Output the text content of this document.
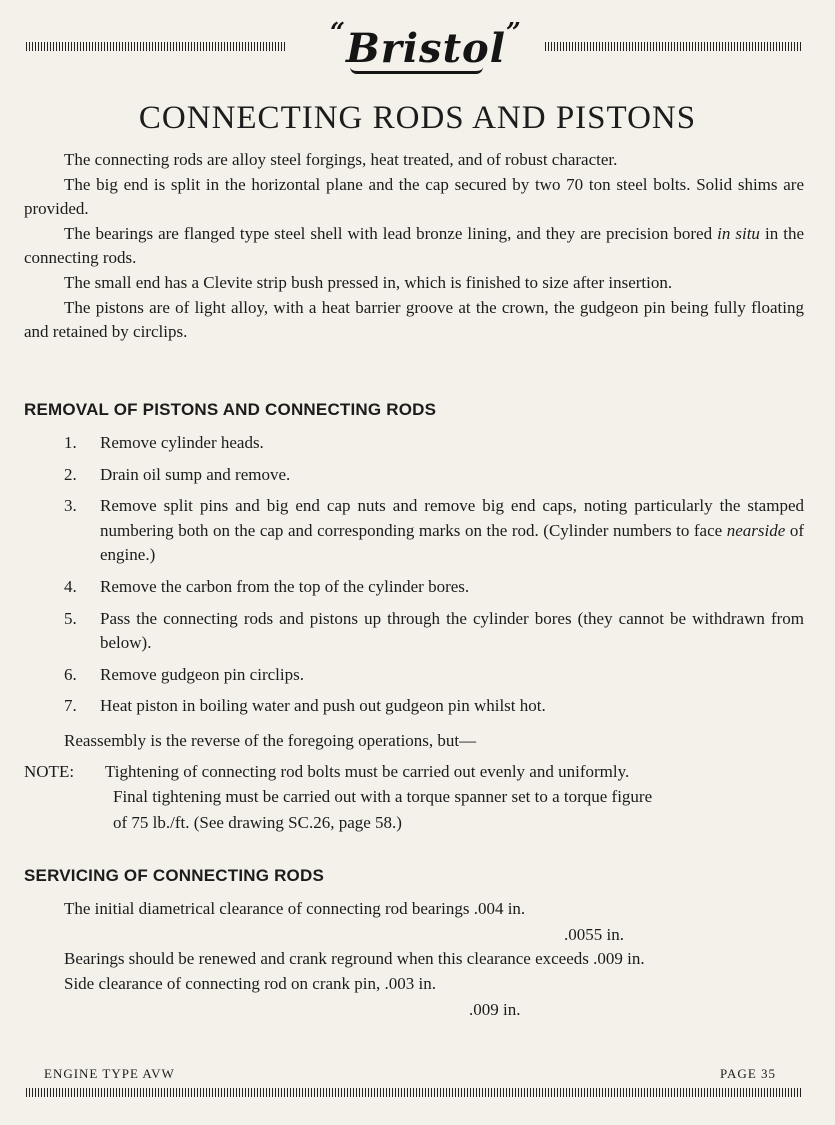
“Bristol”
CONNECTING RODS AND PISTONS

The connecting rods are alloy steel forgings, heat treated, and of robust character.

The big end is split in the horizontal plane and the cap secured by two 70 ton steel bolts. Solid shims are provided.

The bearings are flanged type steel shell with lead bronze lining, and they are precision bored in situ in the connecting rods.

The small end has a Clevite strip bush pressed in, which is finished to size after insertion.

The pistons are of light alloy, with a heat barrier groove at the crown, the gudgeon pin being fully floating and retained by circlips.

REMOVAL OF PISTONS AND CONNECTING RODS
1. Remove cylinder heads.
2. Drain oil sump and remove.
3. Remove split pins and big end cap nuts and remove big end caps, noting particularly the stamped numbering both on the cap and corresponding marks on the rod. (Cylinder numbers to face nearside of engine.)
4. Remove the carbon from the top of the cylinder bores.
5. Pass the connecting rods and pistons up through the cylinder bores (they cannot be withdrawn from below).
6. Remove gudgeon pin circlips.
7. Heat piston in boiling water and push out gudgeon pin whilst hot.
Reassembly is the reverse of the foregoing operations, but—
NOTE: Tightening of connecting rod bolts must be carried out evenly and uniformly.
Final tightening must be carried out with a torque spanner set to a torque figure
of 75 lb./ft. (See drawing SC.26, page 58.)
SERVICING OF CONNECTING RODS
The initial diametrical clearance of connecting rod bearings .004 in.
.0055 in.
Bearings should be renewed and crank reground when this clearance exceeds .009 in.
Side clearance of connecting rod on crank pin, .003 in.
.009 in.
ENGINE TYPE AVW	PAGE 35
